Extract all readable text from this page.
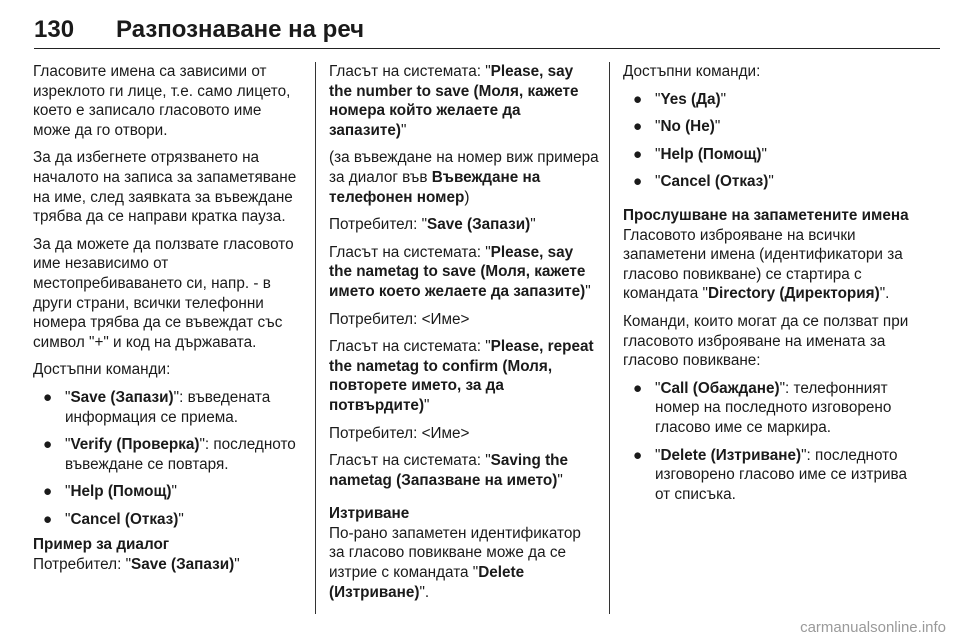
130 Разпознаване на реч

Гласовите имена са зависими от изреклото ги лице, т.е. само лицето, което е записало гласовото име може да го отвори.

За да избегнете отрязването на началото на записа за запаметяване на име, след заявката за въвеждане трябва да се направи кратка пауза.

За да можете да ползвате гласовото име независимо от местопребиваването си, напр. - в други страни, всички телефонни номера трябва да се въвеждат със символ "+" и код на държавата.

Достъпни команди:

● "Save (Запази)": въведената информация се приема.
● "Verify (Проверка)": последното въвеждане се повтаря.
● "Help (Помощ)"
● "Cancel (Отказ)"

Пример за диалог

Потребител: "Save (Запази)"

Гласът на системата: "Please, say the number to save (Моля, кажете номера който желаете да запазите)"

(за въвеждане на номер виж примера за диалог във Въвеждане на телефонен номер)

Потребител: "Save (Запази)"

Гласът на системата: "Please, say the nametag to save (Моля, кажете името което желаете да запазите)"

Потребител: <Име>

Гласът на системата: "Please, repeat the nametag to confirm (Моля, повторете името, за да потвърдите)"

Потребител: <Име>

Гласът на системата: "Saving the nametag (Запазване на името)"

Изтриване

По-рано запаметен идентификатор за гласово повикване може да се изтрие с командата "Delete (Изтриване)".

Достъпни команди:

● "Yes (Да)"
● "No (Не)"
● "Help (Помощ)"
● "Cancel (Отказ)"

Прослушване на запаметените имена

Гласовото изброяване на всички запаметени имена (идентификатори за гласово повикване) се стартира с командата "Directory (Директория)".

Команди, които могат да се ползват при гласовото изброяване на имената за гласово повикване:

● "Call (Обаждане)": телефонният номер на последното изговорено гласово име се маркира.
● "Delete (Изтриване)": последното изговорено гласово име се изтрива от списъка.
carmanualsonline.info
